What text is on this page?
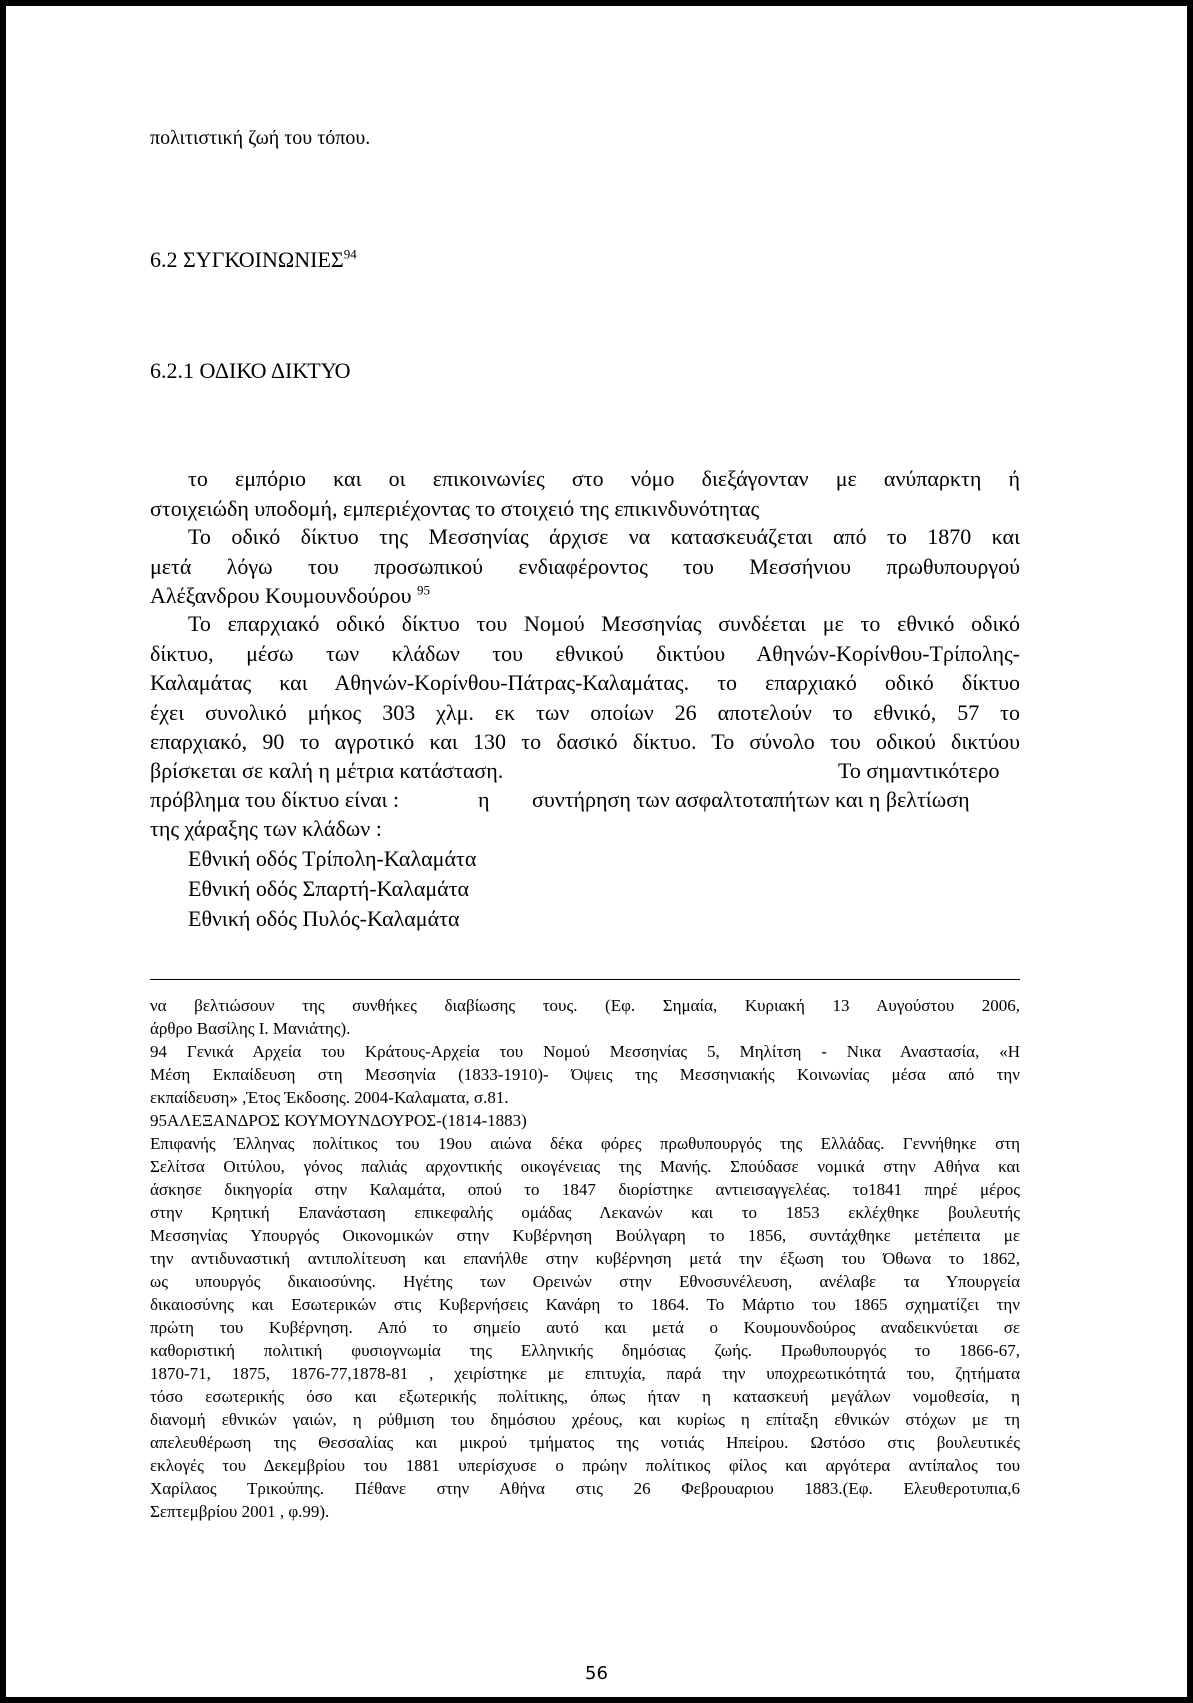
πολιτιστική ζωή του τόπου.
6.2 ΣΥΓΚΟΙΝΩΝΙΕΣ$^{94}$
6.2.1 ΟΔΙΚΟ ΔΙΚΤΥΟ
το εμπόριο και οι επικοινωνίες στο νόμο διεξάγονταν με ανύπαρκτη ή
στοιχειώδη υποδομή, εμπεριέχοντας το στοιχειό της επικινδυνότητας
Το οδικό δίκτυο της Μεσσηνίας άρχισε να κατασκευάζεται από το 1870 και
μετά λόγω του προσωπικού ενδιαφέροντος του Μεσσήνιου πρωθυπουργού
Αλέξανδρου Κουμουνδούρου $^{95}$
Το επαρχιακό οδικό δίκτυο του Νομού Μεσσηνίας συνδέεται με το εθνικό οδικό
δίκτυο, μέσω των κλάδων του εθνικού δικτύου Αθηνών-Κορίνθου-Τρίπολης-
Καλαμάτας και Αθηνών-Κορίνθου-Πάτρας-Καλαμάτας. το επαρχιακό οδικό δίκτυο
έχει συνολικό μήκος 303 χλμ. εκ των οποίων 26 αποτελούν το εθνικό, 57 το
επαρχιακό, 90 το αγροτικό και 130 το δασικό δίκτυο. Το σύνολο του οδικού δικτύου
βρίσκεται σε καλή η μέτρια κατάσταση.	Το σημαντικότερο
πρόβλημα του δίκτυο είναι :	η συντήρηση των ασφαλτοταπήτων και η βελτίωση
της χάραξης των κλάδων :
Εθνική οδός Τρίπολη-Καλαμάτα
Εθνική οδός Σπαρτή-Καλαμάτα
Εθνική οδός Πυλός-Καλαμάτα
να βελτιώσουν της συνθήκες διαβίωσης τους. (Εφ. Σημαία, Κυριακή 13 Αυγούστου 2006,
άρθρο Βασίλης Ι. Μανιάτης).
94 Γενικά Αρχεία του Κράτους-Αρχεία του Νομού Μεσσηνίας 5, Μηλίτση - Νικα Αναστασία, «Η
Μέση Εκπαίδευση στη Μεσσηνία (1833-1910)- Όψεις της Μεσσηνιακής Κοινωνίας μέσα από την
εκπαίδευση» ,Έτος Έκδοσης. 2004-Καλαματα, σ.81.
95ΑΛΕΞΑΝΔΡΟΣ ΚΟΥΜΟΥΝΔΟΥΡΟΣ-(1814-1883)
Επιφανής Έλληνας πολίτικος του 19ου αιώνα δέκα φόρες πρωθυπουργός της Ελλάδας. Γεννήθηκε στη
Σελίτσα Οιτύλου, γόνος παλιάς αρχοντικής οικογένειας της Μανής. Σπούδασε νομικά στην Αθήνα και
άσκησε δικηγορία στην Καλαμάτα, οπού το 1847 διορίστηκε αντιεισαγγελέας. το1841 πηρέ μέρος
στην Κρητική Επανάσταση επικεφαλής ομάδας Λεκανών και το 1853 εκλέχθηκε βουλευτής
Μεσσηνίας Υπουργός Οικονομικών στην Κυβέρνηση Βούλγαρη το 1856, συντάχθηκε μετέπειτα με
την αντιδυναστική αντιπολίτευση και επανήλθε στην κυβέρνηση μετά την έξωση του Όθωνα το 1862,
ως υπουργός δικαιοσύνης. Ηγέτης των Ορεινών στην Εθνοσυνέλευση, ανέλαβε τα Υπουργεία
δικαιοσύνης και Εσωτερικών στις Κυβερνήσεις Κανάρη το 1864. Το Μάρτιο του 1865 σχηματίζει την
πρώτη του Κυβέρνηση. Από το σημείο αυτό και μετά ο Κουμουνδούρος αναδεικνύεται σε
καθοριστική πολιτική φυσιογνωμία της Ελληνικής δημόσιας ζωής. Πρωθυπουργός το 1866-67,
1870-71, 1875, 1876-77,1878-81 , χειρίστηκε με επιτυχία, παρά την υποχρεωτικότητά του, ζητήματα
τόσο εσωτερικής όσο και εξωτερικής πολίτικης, όπως ήταν η κατασκευή μεγάλων νομοθεσία, η
διανομή εθνικών γαιών, η ρύθμιση του δημόσιου χρέους, και κυρίως η επίταξη εθνικών στόχων με τη
απελευθέρωση της Θεσσαλίας και μικρού τμήματος της νοτιάς Ηπείρου. Ωστόσο στις βουλευτικές
εκλογές του Δεκεμβρίου του 1881 υπερίσχυσε ο πρώην πολίτικος φίλος και αργότερα αντίπαλος του
Χαρίλαος Τρικούπης. Πέθανε στην Αθήνα στις 26 Φεβρουαριου 1883.(Εφ. Ελευθεροτυπια,6
Σεπτεμβρίου 2001 , φ.99).
56
